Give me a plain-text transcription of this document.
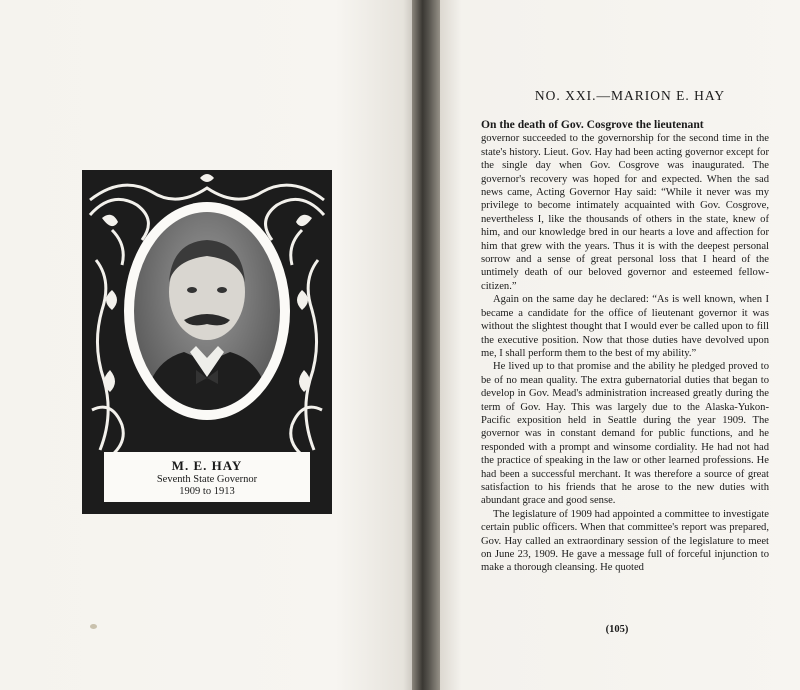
M. E. HAY
Seventh State Governor
1909 to 1913
NO. XXI.—MARION E. HAY

On the death of Gov. Cosgrove the lieutenant

governor succeeded to the governorship for the second time in the state's history. Lieut. Gov. Hay had been acting governor except for the single day when Gov. Cosgrove was inaugurated. The governor's recovery was hoped for and expected. When the sad news came, Acting Governor Hay said: “While it never was my privilege to become intimately acquainted with Gov. Cosgrove, nevertheless I, like the thousands of others in the state, knew of him, and our knowledge bred in our hearts a love and affection for him that grew with the years. Thus it is with the deepest personal sorrow and a sense of great personal loss that I heard of the untimely death of our beloved governor and esteemed fellow-citizen.”

Again on the same day he declared: “As is well known, when I became a candidate for the office of lieutenant governor it was without the slightest thought that I would ever be called upon to fill the executive position. Now that those duties have devolved upon me, I shall perform them to the best of my ability.”

He lived up to that promise and the ability he pledged proved to be of no mean quality. The extra gubernatorial duties that began to develop in Gov. Mead's administration increased greatly during the term of Gov. Hay. This was largely due to the Alaska-Yukon-Pacific exposition held in Seattle during the year 1909. The governor was in constant demand for public functions, and he responded with a prompt and winsome cordiality. He had not had the practice of speaking in the law or other learned professions. He had been a successful merchant. It was therefore a source of great satisfaction to his friends that he arose to the new duties with abundant grace and good sense.

The legislature of 1909 had appointed a committee to investigate certain public officers. When that committee's report was prepared, Gov. Hay called an extraordinary session of the legislature to meet on June 23, 1909. He gave a message full of forceful injunction to make a thorough cleansing. He quoted

(105)
